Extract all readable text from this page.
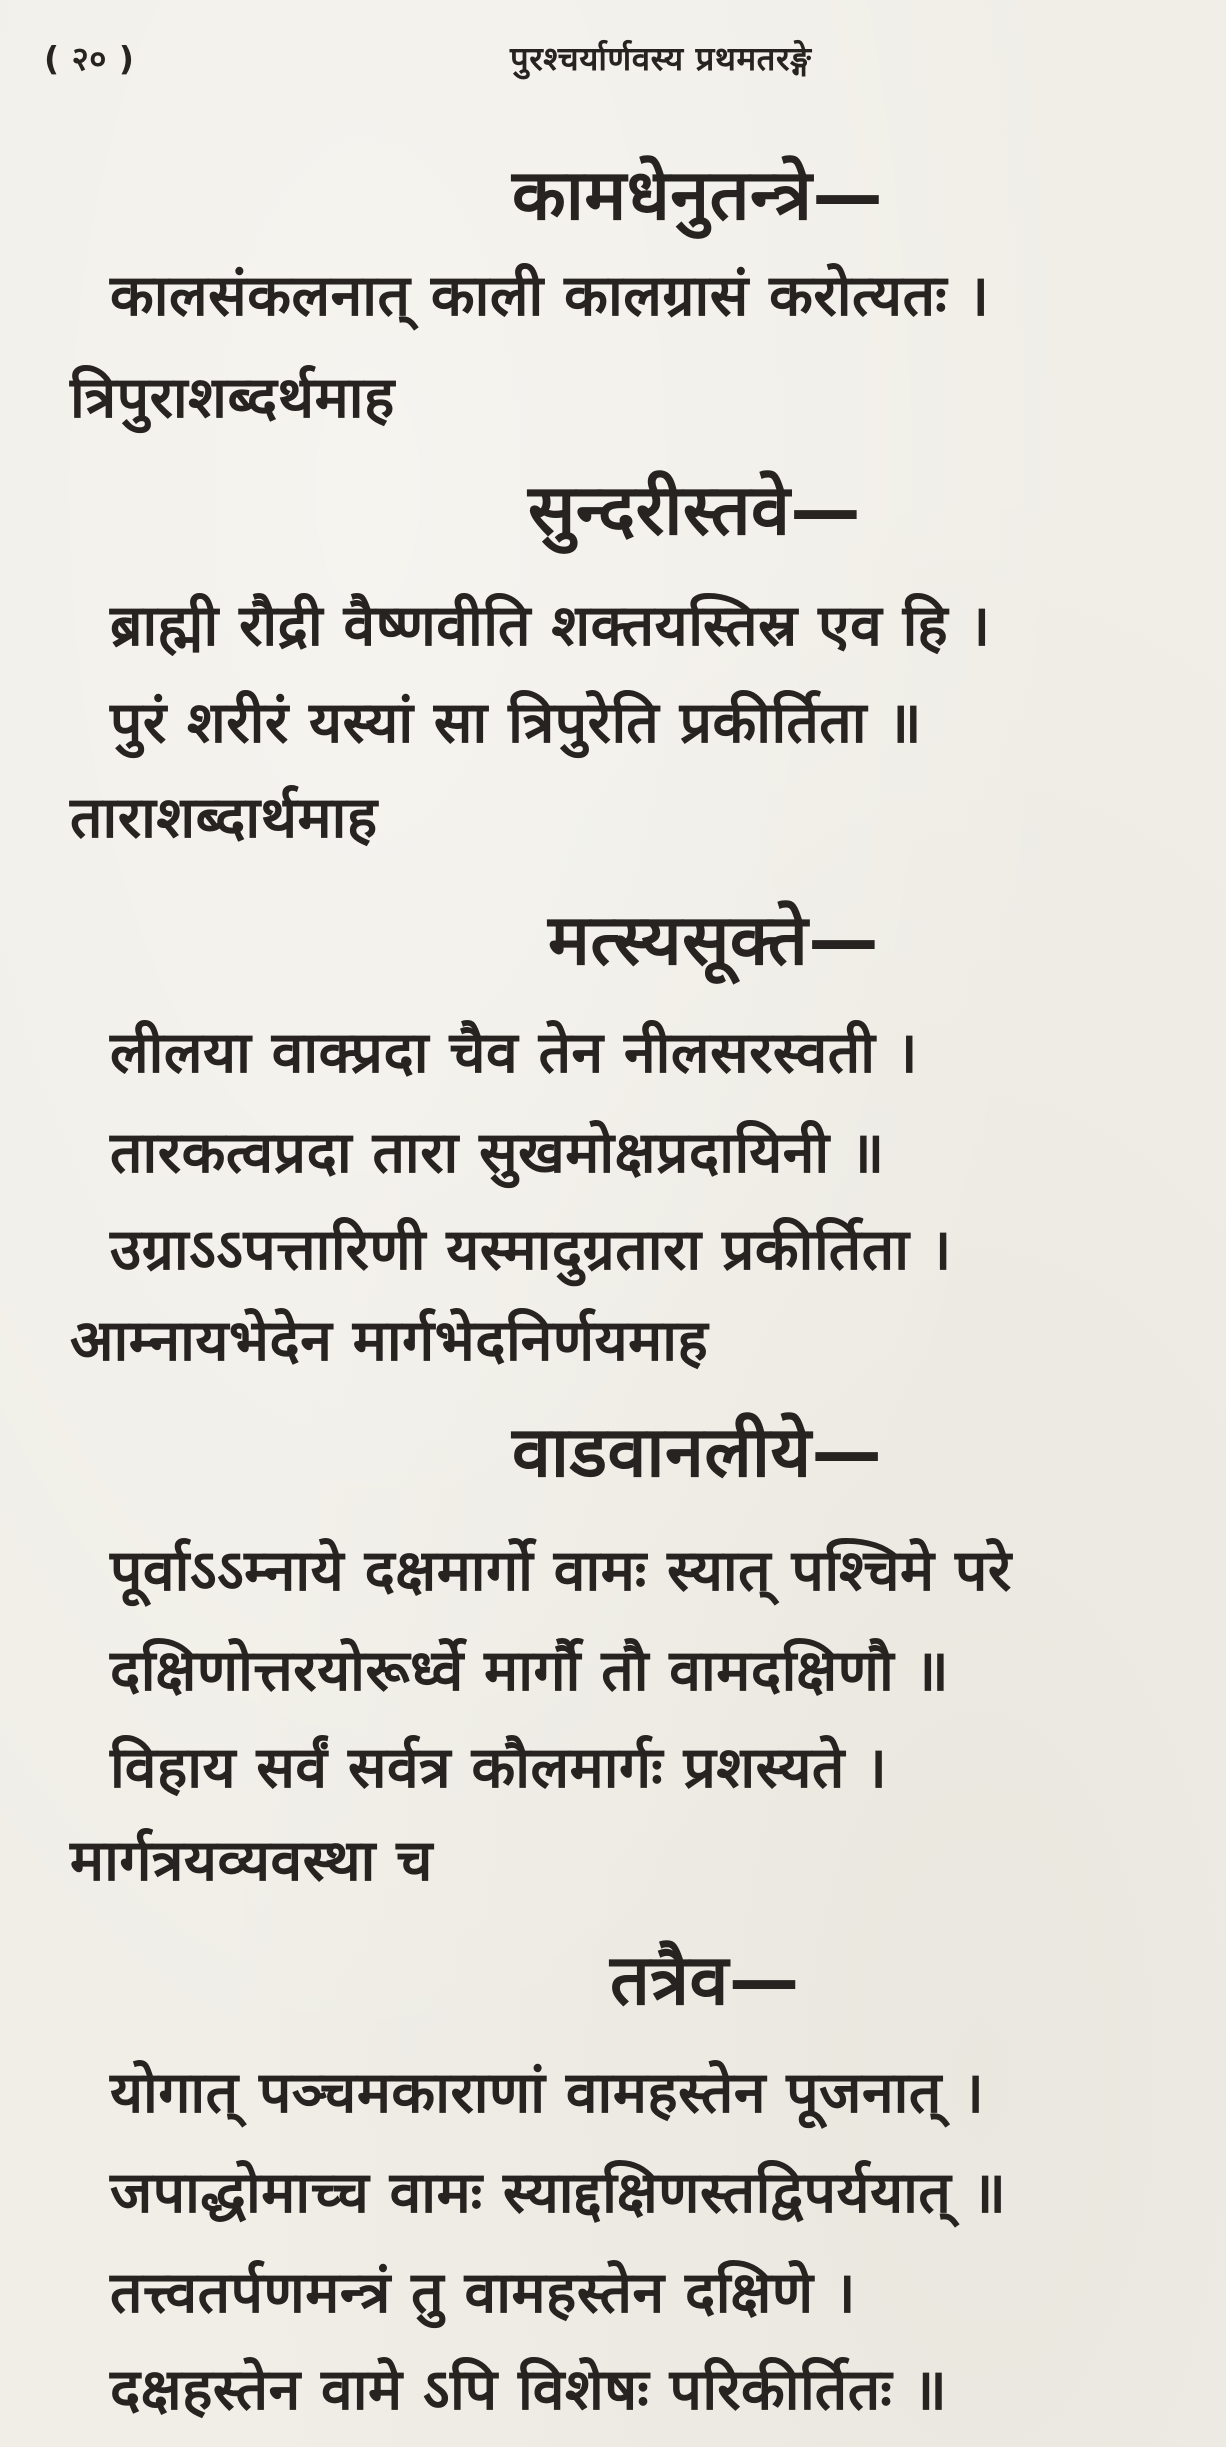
( २० )	पुरश्चर्यार्णवस्य प्रथमतरङ्गे
कामधेनुतन्त्रे—
कालसंकलनात् काली कालग्रासं करोत्यतः ।
त्रिपुराशब्दर्थमाह
सुन्दरीस्तवे—
ब्राह्मी रौद्री वैष्णवीति शक्तयस्तिस्र एव हि ।
पुरं शरीरं यस्यां सा त्रिपुरेति प्रकीर्तिता ॥
ताराशब्दार्थमाह
मत्स्यसूक्ते—
लीलया वाक्प्रदा चैव तेन नीलसरस्वती ।
तारकत्वप्रदा तारा सुखमोक्षप्रदायिनी ॥
उग्राऽऽपत्तारिणी यस्मादुग्रतारा प्रकीर्तिता ।
आम्नायभेदेन मार्गभेदनिर्णयमाह
वाडवानलीये—
पूर्वाऽऽम्नाये दक्षमार्गो वामः स्यात् पश्चिमे परे
दक्षिणोत्तरयोरूर्ध्वे मार्गौ तौ वामदक्षिणौ ॥
विहाय सर्वं सर्वत्र कौलमार्गः प्रशस्यते ।
मार्गत्रयव्यवस्था च
तत्रैव—
योगात् पञ्चमकाराणां वामहस्तेन पूजनात् ।
जपाद्धोमाच्च वामः स्याद्दक्षिणस्तद्विपर्ययात् ॥
तत्त्वतर्पणमन्त्रं तु वामहस्तेन दक्षिणे ।
दक्षहस्तेन वामे ऽपि विशेषः परिकीर्तितः ॥
